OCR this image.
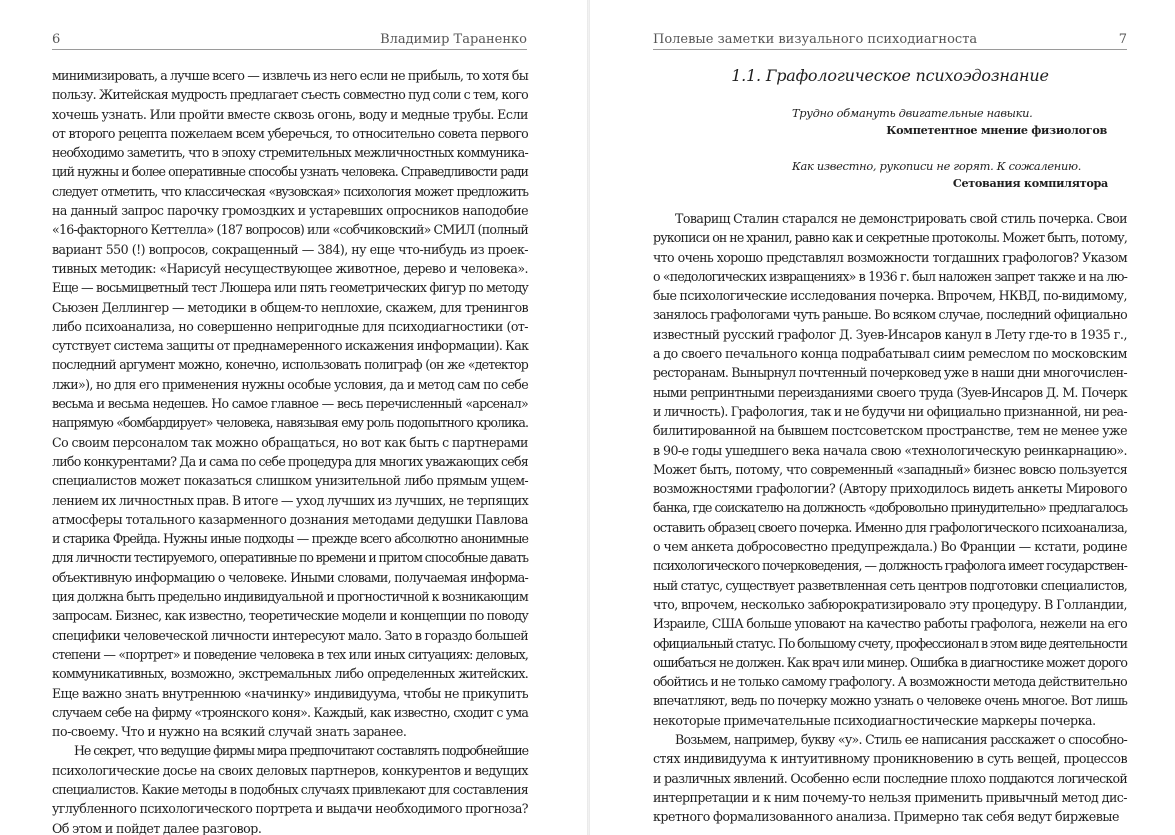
6	Владимир Тараненко
минимизировать, а лучше всего — извлечь из него если не прибыль, то хотя бы
пользу. Житейская мудрость предлагает съесть совместно пуд соли с тем, кого
хочешь узнать. Или пройти вместе сквозь огонь, воду и медные трубы. Если
от второго рецепта пожелаем всем уберечься, то относительно совета первого
необходимо заметить, что в эпоху стремительных межличностных коммуника-
ций нужны и более оперативные способы узнать человека. Справедливости ради
следует отметить, что классическая «вузовская» психология может предложить
на данный запрос парочку громоздких и устаревших опросников наподобие
«16-факторного Кеттелла» (187 вопросов) или «собчиковский» СМИЛ (полный
вариант 550 (!) вопросов, сокращенный — 384), ну еще что-нибудь из проек-
тивных методик: «Нарисуй несуществующее животное, дерево и человека».
Еще — восьмицветный тест Люшера или пять геометрических фигур по методу
Сьюзен Деллингер — методики в общем-то неплохие, скажем, для тренингов
либо психоанализа, но совершенно непригодные для психодиагностики (от-
сутствует система защиты от преднамеренного искажения информации). Как
последний аргумент можно, конечно, использовать полиграф (он же «детектор
лжи»), но для его применения нужны особые условия, да и метод сам по себе
весьма и весьма недешев. Но самое главное — весь перечисленный «арсенал»
напрямую «бомбардирует» человека, навязывая ему роль подопытного кролика.
Со своим персоналом так можно обращаться, но вот как быть с партнерами
либо конкурентами? Да и сама по себе процедура для многих уважающих себя
специалистов может показаться слишком унизительной либо прямым ущем-
лением их личностных прав. В итоге — уход лучших из лучших, не терпящих
атмосферы тотального казарменного дознания методами дедушки Павлова
и старика Фрейда. Нужны иные подходы — прежде всего абсолютно анонимные
для личности тестируемого, оперативные по времени и притом способные давать
объективную информацию о человеке. Иными словами, получаемая информа-
ция должна быть предельно индивидуальной и прогностичной к возникающим
запросам. Бизнес, как известно, теоретические модели и концепции по поводу
специфики человеческой личности интересуют мало. Зато в гораздо большей
степени — «портрет» и поведение человека в тех или иных ситуациях: деловых,
коммуникативных, возможно, экстремальных либо определенных житейских.
Еще важно знать внутреннюю «начинку» индивидуума, чтобы не прикупить
случаем себе на фирму «троянского коня». Каждый, как известно, сходит с ума
по-своему. Что и нужно на всякий случай знать заранее.
Не секрет, что ведущие фирмы мира предпочитают составлять подробнейшие
психологические досье на своих деловых партнеров, конкурентов и ведущих
специалистов. Какие методы в подобных случаях привлекают для составления
углубленного психологического портрета и выдачи необходимого прогноза?
Об этом и пойдет далее разговор.
Полевые заметки визуального психодиагноста	7
1.1. Графологическое психоэдознание
Трудно обмануть двигательные навыки.
Компетентное мнение физиологов
Как известно, рукописи не горят. К сожалению.
Сетования компилятора
Товарищ Сталин старался не демонстрировать свой стиль почерка. Свои
рукописи он не хранил, равно как и секретные протоколы. Может быть, потому,
что очень хорошо представлял возможности тогдашних графологов? Указом
о «педологических извращениях» в 1936 г. был наложен запрет также и на лю-
бые психологические исследования почерка. Впрочем, НКВД, по-видимому,
занялось графологами чуть раньше. Во всяком случае, последний официально
известный русский графолог Д. Зуев-Инсаров канул в Лету где-то в 1935 г.,
а до своего печального конца подрабатывал сиим ремеслом по московским
ресторанам. Вынырнул почтенный почерковед уже в наши дни многочислен-
ными репринтными переизданиями своего труда (Зуев-Инсаров Д. М. Почерк
и личность). Графология, так и не будучи ни официально признанной, ни реа-
билитированной на бывшем постсоветском пространстве, тем не менее уже
в 90-е годы ушедшего века начала свою «технологическую реинкарнацию».
Может быть, потому, что современный «западный» бизнес вовсю пользуется
возможностями графологии? (Автору приходилось видеть анкеты Мирового
банка, где соискателю на должность «добровольно принудительно» предлагалось
оставить образец своего почерка. Именно для графологического психоанализа,
о чем анкета добросовестно предупреждала.) Во Франции — кстати, родине
психологического почерковедения, — должность графолога имеет государствен-
ный статус, существует разветвленная сеть центров подготовки специалистов,
что, впрочем, несколько забюрократизировало эту процедуру. В Голландии,
Израиле, США больше уповают на качество работы графолога, нежели на его
официальный статус. По большому счету, профессионал в этом виде деятельности
ошибаться не должен. Как врач или минер. Ошибка в диагностике может дорого
обойтись и не только самому графологу. А возможности метода действительно
впечатляют, ведь по почерку можно узнать о человеке очень многое. Вот лишь
некоторые примечательные психодиагностические маркеры почерка.
Возьмем, например, букву «у». Стиль ее написания расскажет о способно-
стях индивидуума к интуитивному проникновению в суть вещей, процессов
и различных явлений. Особенно если последние плохо поддаются логической
интерпретации и к ним почему-то нельзя применить привычный метод дис-
кретного формализованного анализа. Примерно так себя ведут биржевые
